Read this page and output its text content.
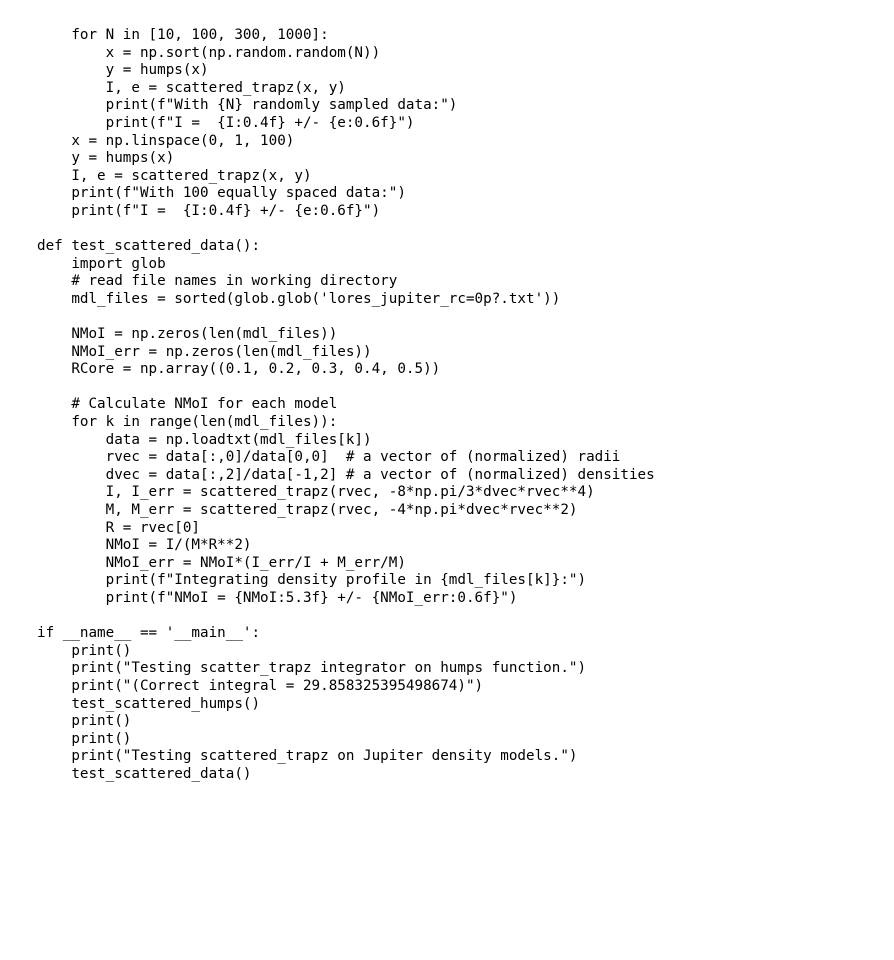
for N in [10, 100, 300, 1000]:
x = np.sort(np.random.random(N))
y = humps(x)
I, e = scattered_trapz(x, y)
print(f"With {N} randomly sampled data:")
print(f"I =  {I:0.4f} +/- {e:0.6f}")
x = np.linspace(0, 1, 100)
y = humps(x)
I, e = scattered_trapz(x, y)
print(f"With 100 equally spaced data:")
print(f"I =  {I:0.4f} +/- {e:0.6f}")
def test_scattered_data():
import glob
# read file names in working directory
mdl_files = sorted(glob.glob('lores_jupiter_rc=0p?.txt'))
NMoI = np.zeros(len(mdl_files))
NMoI_err = np.zeros(len(mdl_files))
RCore = np.array((0.1, 0.2, 0.3, 0.4, 0.5))
# Calculate NMoI for each model
for k in range(len(mdl_files)):
data = np.loadtxt(mdl_files[k])
rvec = data[:,0]/data[0,0]  # a vector of (normalized) radii
dvec = data[:,2]/data[-1,2] # a vector of (normalized) densities
I, I_err = scattered_trapz(rvec, -8*np.pi/3*dvec*rvec**4)
M, M_err = scattered_trapz(rvec, -4*np.pi*dvec*rvec**2)
R = rvec[0]
NMoI = I/(M*R**2)
NMoI_err = NMoI*(I_err/I + M_err/M)
print(f"Integrating density profile in {mdl_files[k]}:")
print(f"NMoI = {NMoI:5.3f} +/- {NMoI_err:0.6f}")
if __name__ == '__main__':
print()
print("Testing scatter_trapz integrator on humps function.")
print("(Correct integral = 29.858325395498674)")
test_scattered_humps()
print()
print()
print("Testing scattered_trapz on Jupiter density models.")
test_scattered_data()
